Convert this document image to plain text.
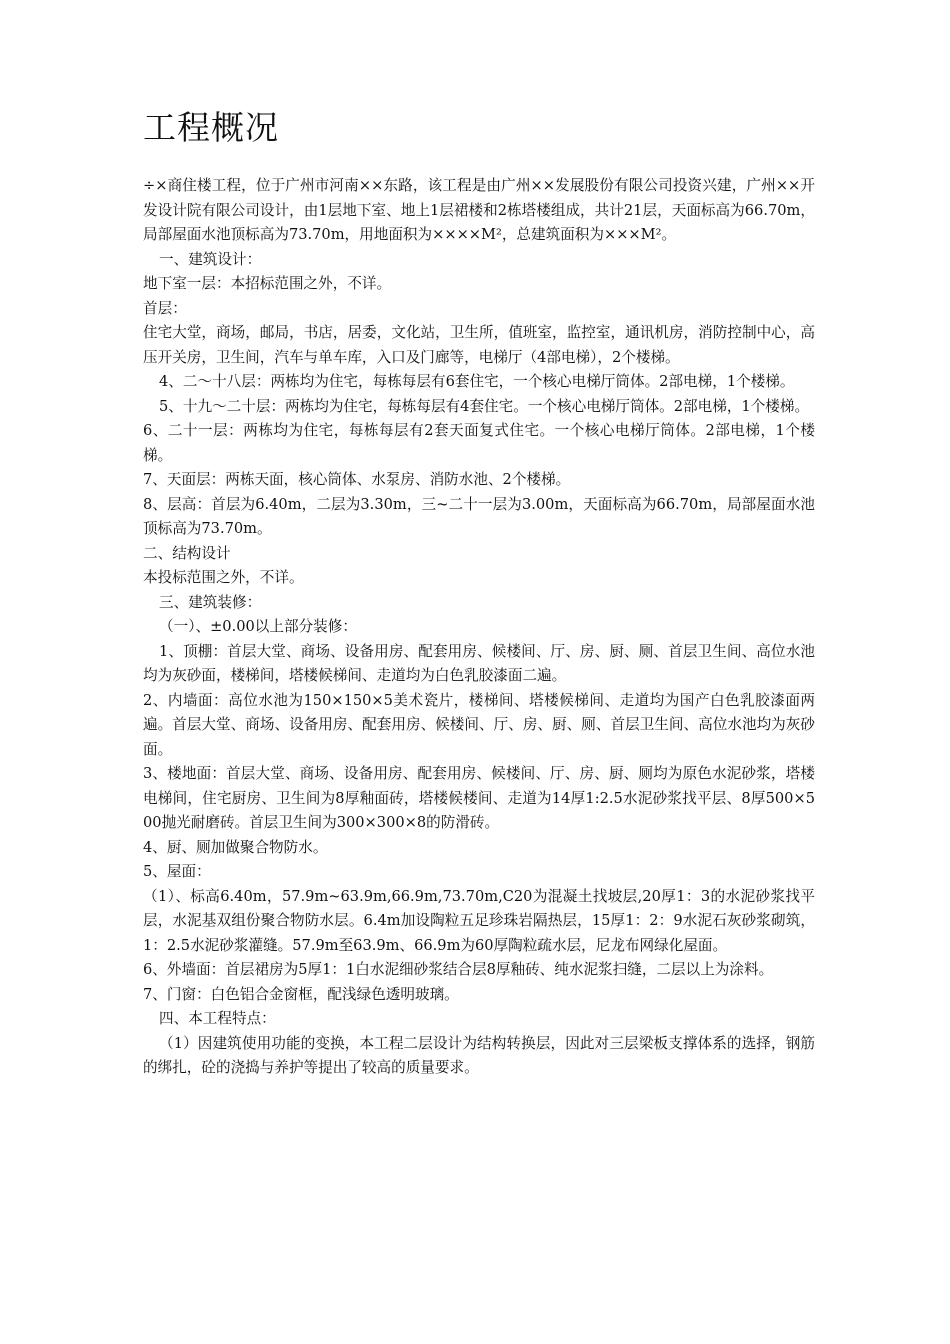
工程概况

÷×商住楼工程，位于广州市河南××东路，该工程是由广州××发展股份有限公司投资兴建，广州××开发设计院有限公司设计，由1层地下室、地上1层裙楼和2栋塔楼组成，共计21层，天面标高为66.70m，局部屋面水池顶标高为73.70m，用地面积为××××M²，总建筑面积为×××M²。

一、建筑设计：

地下室一层：本招标范围之外，不详。

首层：

住宅大堂，商场，邮局，书店，居委，文化站，卫生所，值班室，监控室，通讯机房，消防控制中心，高压开关房，卫生间，汽车与单车库，入口及门廊等，电梯厅（4部电梯），2个楼梯。

4、二～十八层：两栋均为住宅，每栋每层有6套住宅，一个核心电梯厅筒体。2部电梯，1个楼梯。

5、十九～二十层：两栋均为住宅，每栋每层有4套住宅。一个核心电梯厅筒体。2部电梯，1个楼梯。

6、二十一层：两栋均为住宅，每栋每层有2套天面复式住宅。一个核心电梯厅筒体。2部电梯，1个楼梯。

7、天面层：两栋天面，核心筒体、水泵房、消防水池、2个楼梯。

8、层高：首层为6.40m，二层为3.30m，三~二十一层为3.00m，天面标高为66.70m，局部屋面水池顶标高为73.70m。

二、结构设计

本投标范围之外，不详。

三、建筑装修：

（一）、±0.00以上部分装修：

1、顶棚：首层大堂、商场、设备用房、配套用房、候楼间、厅、房、厨、厕、首层卫生间、高位水池均为灰砂面，楼梯间，塔楼候梯间、走道均为白色乳胶漆面二遍。

2、内墙面：高位水池为150×150×5美术瓷片，楼梯间、塔楼候梯间、走道均为国产白色乳胶漆面两遍。首层大堂、商场、设备用房、配套用房、候楼间、厅、房、厨、厕、首层卫生间、高位水池均为灰砂面。

3、楼地面：首层大堂、商场、设备用房、配套用房、候楼间、厅、房、厨、厕均为原色水泥砂浆，塔楼电梯间，住宅厨房、卫生间为8厚釉面砖，塔楼候楼间、走道为14厚1:2.5水泥砂浆找平层、8厚500×500抛光耐磨砖。首层卫生间为300×300×8的防滑砖。

4、厨、厕加做聚合物防水。

5、屋面：

（1）、标高6.40m，57.9m~63.9m,66.9m,73.70m,C20为混凝土找坡层,20厚1：3的水泥砂浆找平层，水泥基双组份聚合物防水层。6.4m加设陶粒五足珍珠岩隔热层，15厚1：2：9水泥石灰砂浆砌筑，1：2.5水泥砂浆灌缝。57.9m至63.9m、66.9m为60厚陶粒疏水层，尼龙布网绿化屋面。

6、外墙面：首层裙房为5厚1：1白水泥细砂浆结合层8厚釉砖、纯水泥浆扫缝，二层以上为涂料。

7、门窗：白色铝合金窗框，配浅绿色透明玻璃。

四、本工程特点：

（1）因建筑使用功能的变换，本工程二层设计为结构转换层，因此对三层梁板支撑体系的选择，钢筋的绑扎，砼的浇捣与养护等提出了较高的质量要求。
